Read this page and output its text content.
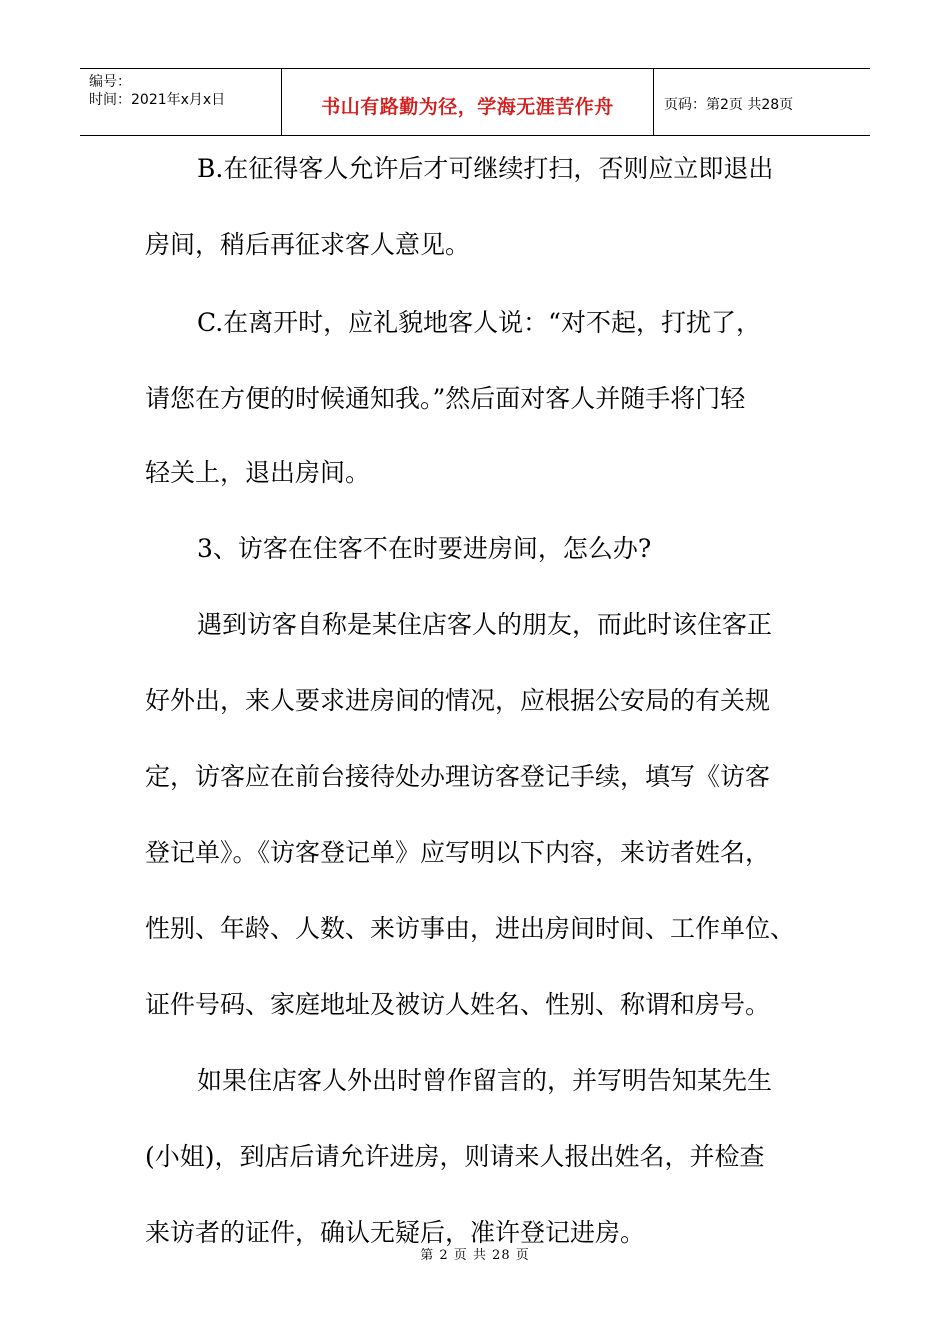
编号：
时间：2021年x月x日	书山有路勤为径，学海无涯苦作舟	页码：第2页 共28页
B.在征得客人允许后才可继续打扫，否则应立即退出
房间，稍后再征求客人意见。
C.在离开时，应礼貌地客人说：“对不起，打扰了，
请您在方便的时候通知我。”然后面对客人并随手将门轻
轻关上，退出房间。
3、访客在住客不在时要进房间，怎么办?
遇到访客自称是某住店客人的朋友，而此时该住客正
好外出，来人要求进房间的情况，应根据公安局的有关规
定，访客应在前台接待处办理访客登记手续，填写《访客
登记单》。《访客登记单》应写明以下内容，来访者姓名，
性别、年龄、人数、来访事由，进出房间时间、工作单位、
证件号码、家庭地址及被访人姓名、性别、称谓和房号。
如果住店客人外出时曾作留言的，并写明告知某先生
(小姐)，到店后请允许进房，则请来人报出姓名，并检查
来访者的证件，确认无疑后，准许登记进房。
第 2 页 共 28 页
